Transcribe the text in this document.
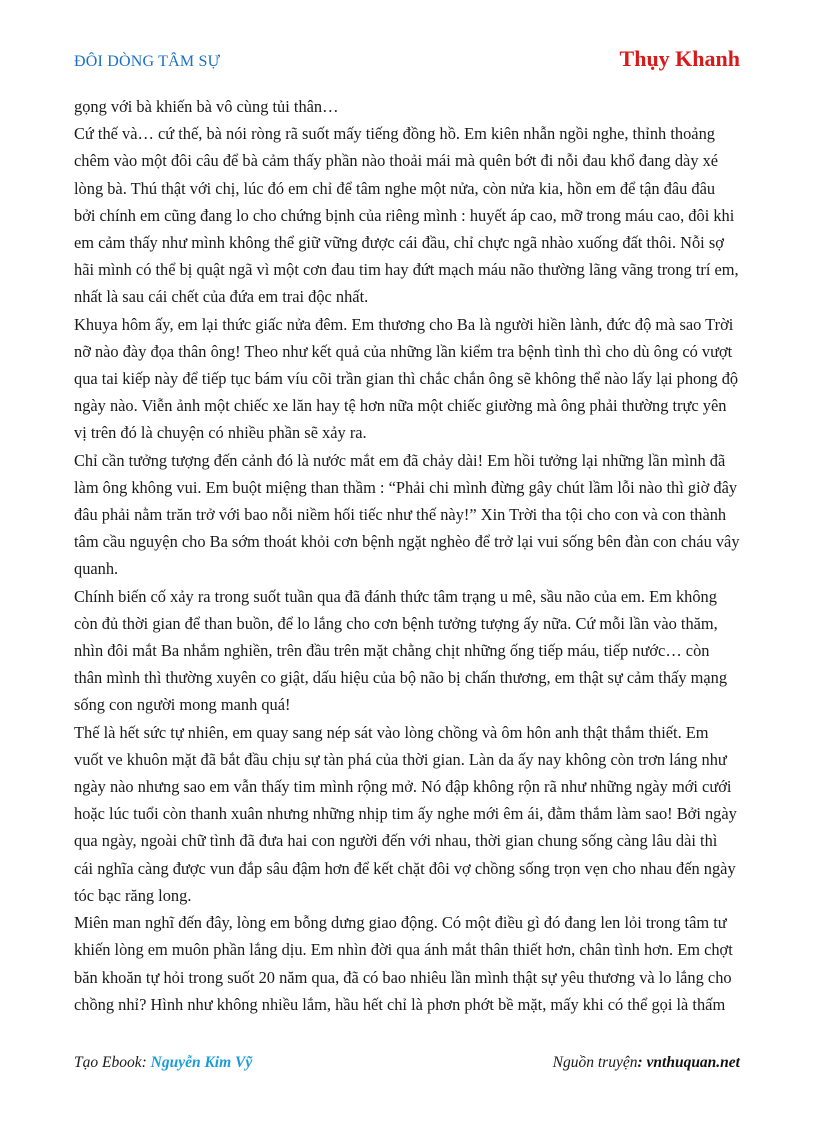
ĐÔI DÒNG TÂM SỰ	Thụy Khanh

gọng với bà khiến bà vô cùng tủi thân…

Cứ thế và… cứ thế, bà nói ròng rã suốt mấy tiếng đồng hồ. Em kiên nhẫn ngồi nghe, thỉnh thoảng chêm vào một đôi câu để bà cảm thấy phần nào thoải mái mà quên bớt đi nỗi đau khổ đang dày xé lòng bà. Thú thật với chị, lúc đó em chỉ để tâm nghe một nửa, còn nửa kia, hồn em để tận đâu đâu bởi chính em cũng đang lo cho chứng bịnh của riêng mình : huyết áp cao, mỡ trong máu cao, đôi khi em cảm thấy như mình không thể giữ vững được cái đầu, chỉ chực ngã nhào xuống đất thôi. Nỗi sợ hãi mình có thể bị quật ngã vì một cơn đau tim hay đứt mạch máu não thường lãng vãng trong trí em, nhất là sau cái chết của đứa em trai độc nhất.

Khuya hôm ấy, em lại thức giấc nửa đêm. Em thương cho Ba là người hiền lành, đức độ mà sao Trời nỡ nào đày đọa thân ông! Theo như kết quả của những lần kiểm tra bệnh tình thì cho dù ông có vượt qua tai kiếp này để tiếp tục bám víu cõi trần gian thì chắc chắn ông sẽ không thể nào lấy lại phong độ ngày nào. Viễn ảnh một chiếc xe lăn hay tệ hơn nữa một chiếc giường mà ông phải thường trực yên vị trên đó là chuyện có nhiều phần sẽ xảy ra.

Chỉ cần tưởng tượng đến cảnh đó là nước mắt em đã chảy dài! Em hồi tưởng lại những lần mình đã làm ông không vui. Em buột miệng than thầm : “Phải chi mình đừng gây chút lầm lỗi nào thì giờ đây đâu phải nằm trăn trở với bao nỗi niềm hối tiếc như thế này!” Xin Trời tha tội cho con và con thành tâm cầu nguyện cho Ba sớm thoát khỏi cơn bệnh ngặt nghèo để trở lại vui sống bên đàn con cháu vây quanh.

Chính biến cố xảy ra trong suốt tuần qua đã đánh thức tâm trạng u mê, sầu não của em. Em không còn đủ thời gian để than buồn, để lo lắng cho cơn bệnh tưởng tượng ấy nữa. Cứ mỗi lần vào thăm, nhìn đôi mắt Ba nhắm nghiền, trên đầu trên mặt chằng chịt những ống tiếp máu, tiếp nước… còn thân mình thì thường xuyên co giật, dấu hiệu của bộ não bị chấn thương, em thật sự cảm thấy mạng sống con người mong manh quá!

Thế là hết sức tự nhiên, em quay sang nép sát vào lòng chồng và ôm hôn anh thật thắm thiết. Em vuốt ve khuôn mặt đã bắt đầu chịu sự tàn phá của thời gian. Làn da ấy nay không còn trơn láng như ngày nào nhưng sao em vẫn thấy tim mình rộng mở. Nó đập không rộn rã như những ngày mới cưới hoặc lúc tuổi còn thanh xuân nhưng những nhịp tim ấy nghe mới êm ái, đằm thắm làm sao! Bởi ngày qua ngày, ngoài chữ tình đã đưa hai con người đến với nhau, thời gian chung sống càng lâu dài thì cái nghĩa càng được vun đắp sâu đậm hơn để kết chặt đôi vợ chồng sống trọn vẹn cho nhau đến ngày tóc bạc răng long.

Miên man nghĩ đến đây, lòng em bỗng dưng giao động. Có một điều gì đó đang len lỏi trong tâm tư khiến lòng em muôn phần lắng dịu. Em nhìn đời qua ánh mắt thân thiết hơn, chân tình hơn. Em chợt băn khoăn tự hỏi trong suốt 20 năm qua, đã có bao nhiêu lần mình thật sự yêu thương và lo lắng cho chồng nhỉ? Hình như không nhiều lắm, hầu hết chỉ là phơn phớt bề mặt, mấy khi có thể gọi là thấm

Tạo Ebook: Nguyễn Kim Vỹ	Nguồn truyện: vnthuquan.net
